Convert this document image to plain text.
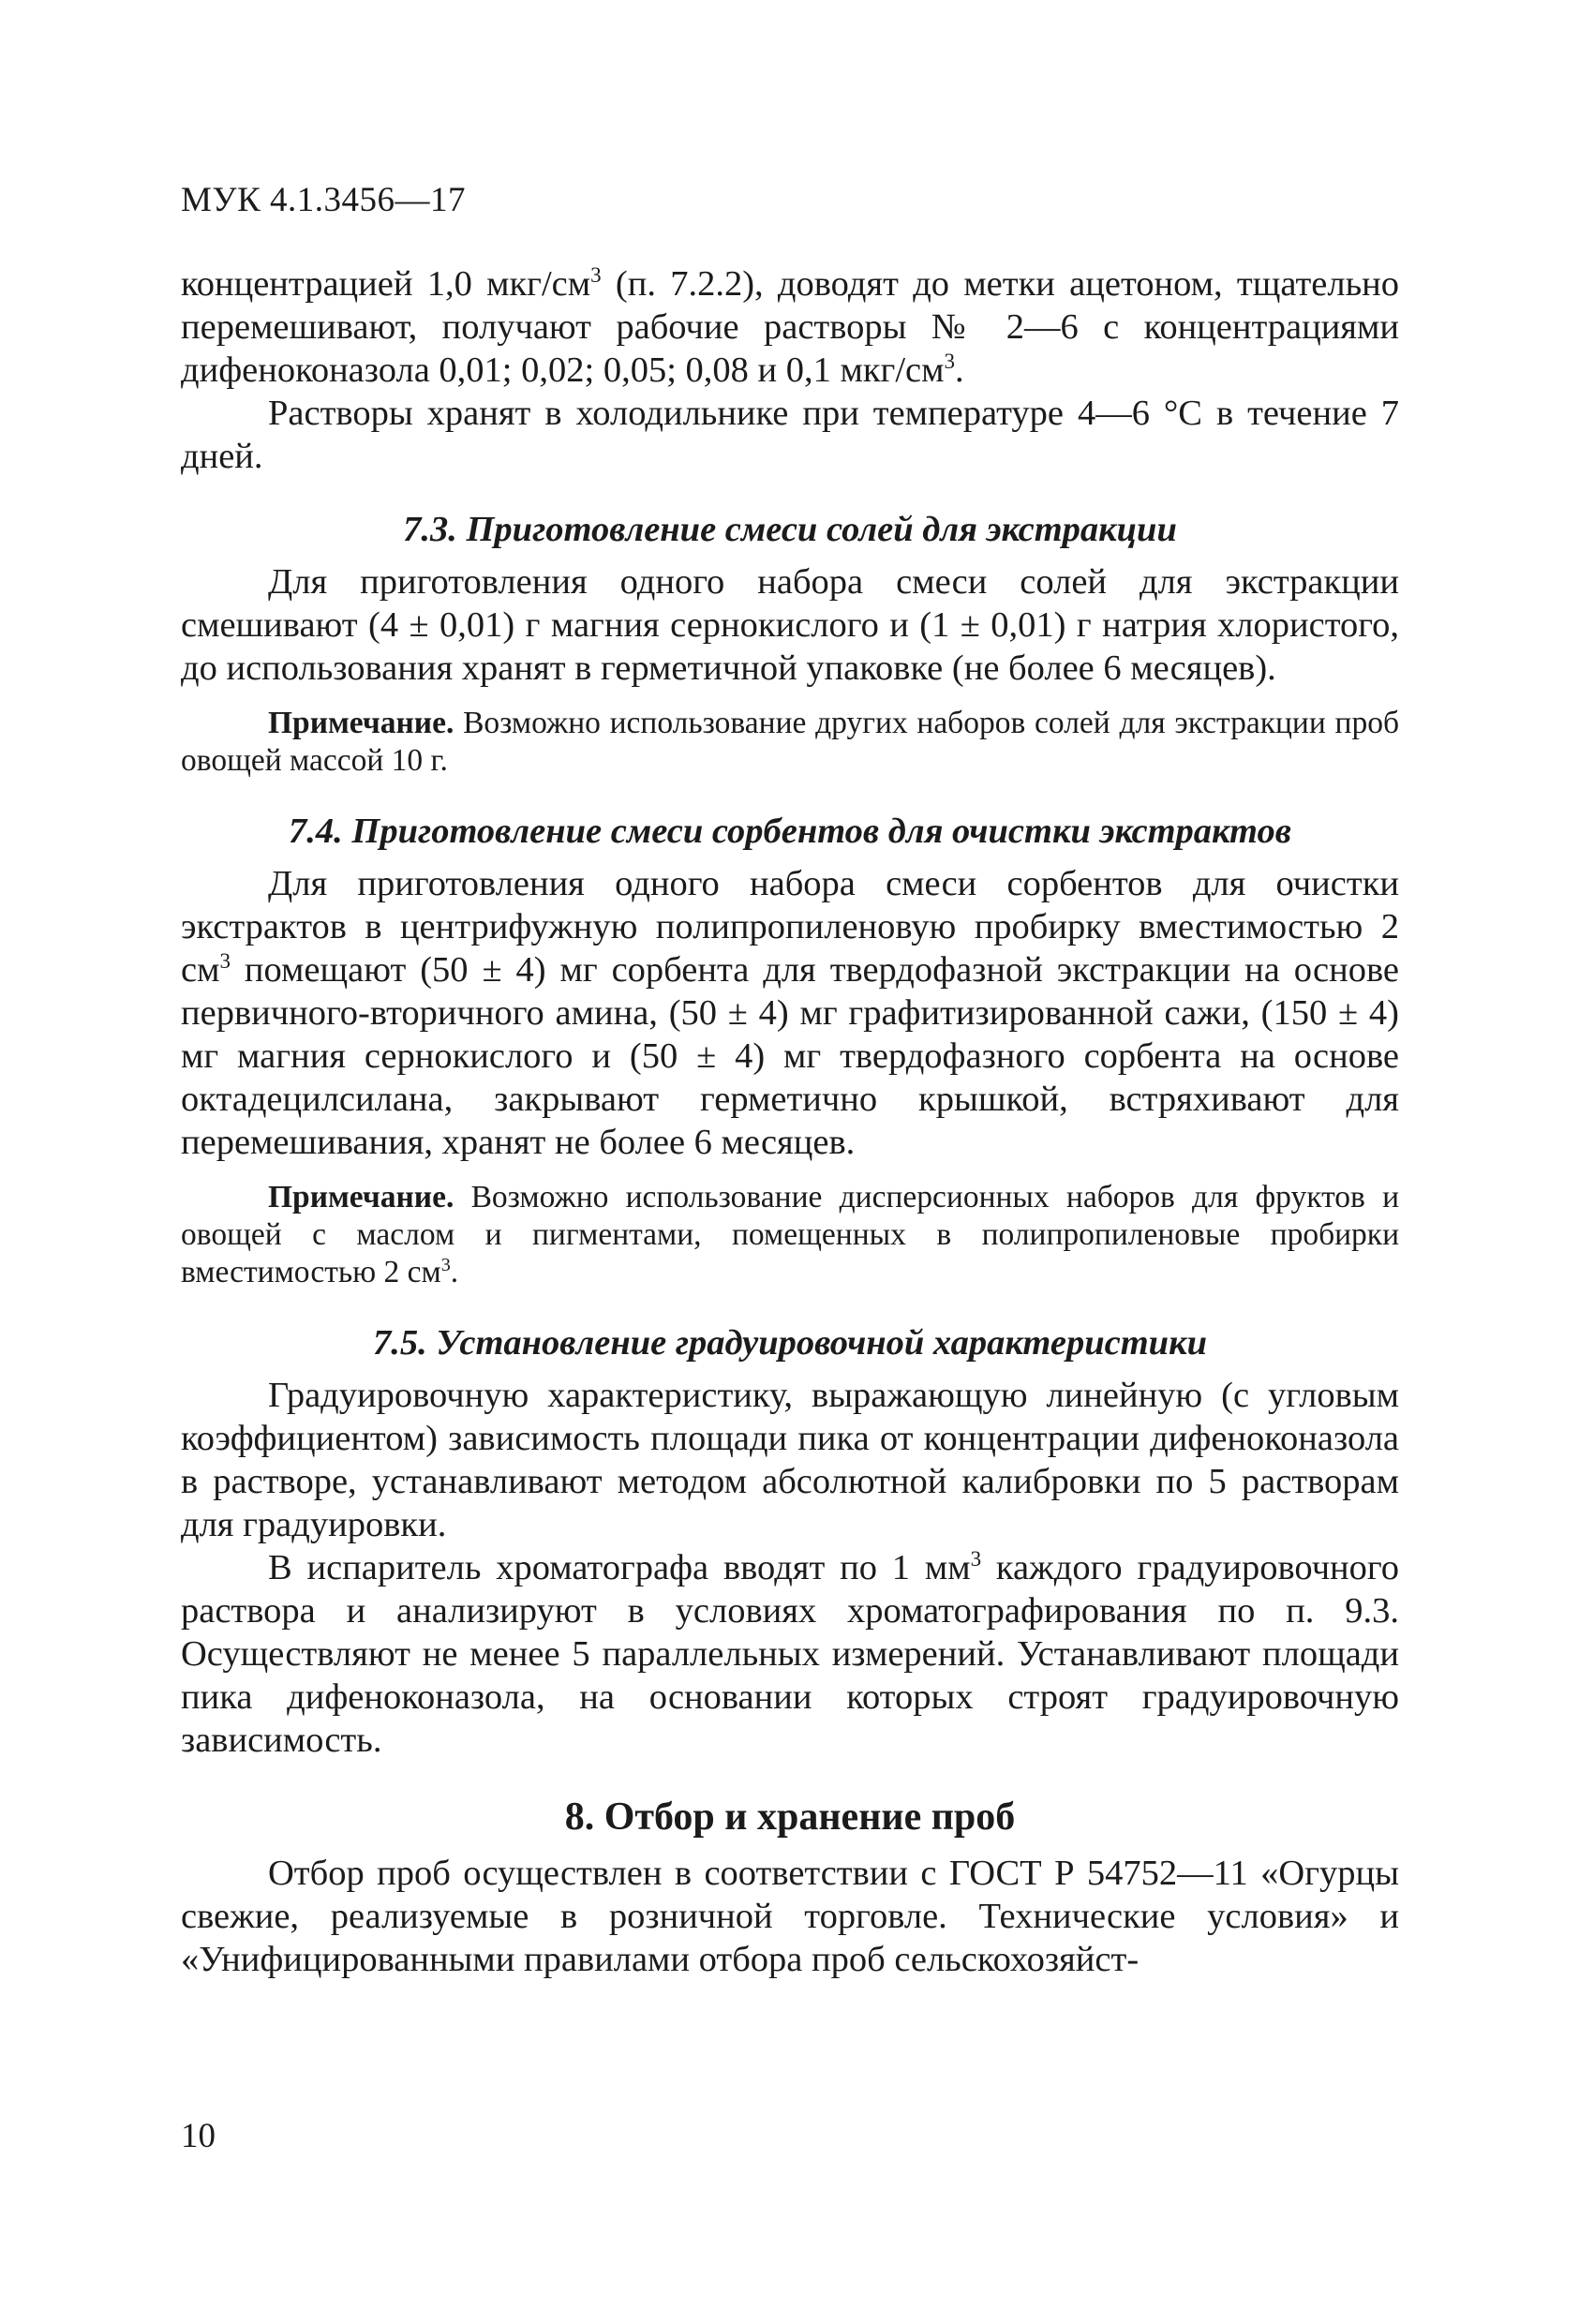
МУК 4.1.3456—17

концентрацией 1,0 мкг/$см^3$ (п. 7.2.2), доводят до метки ацетоном, тщательно перемешивают, получают рабочие растворы № 2—6 с концентрациями дифеноконазола 0,01; 0,02; 0,05; 0,08 и 0,1 мкг/$см^3$.

Растворы хранят в холодильнике при температуре 4—6 °С в течение 7 дней.

7.3. Приготовление смеси солей для экстракции

Для приготовления одного набора смеси солей для экстракции смешивают (4 ± 0,01) г магния сернокислого и (1 ± 0,01) г натрия хлористого, до использования хранят в герметичной упаковке (не более 6 месяцев).

Примечание. Возможно использование других наборов солей для экстракции проб овощей массой 10 г.
7.4. Приготовление смеси сорбентов для очистки экстрактов

Для приготовления одного набора смеси сорбентов для очистки экстрактов в центрифужную полипропиленовую пробирку вместимостью 2 $см^3$ помещают (50 ± 4) мг сорбента для твердофазной экстракции на основе первичного-вторичного амина, (50 ± 4) мг графитизированной сажи, (150 ± 4) мг магния сернокислого и (50 ± 4) мг твердофазного сорбента на основе октадецилсилана, закрывают герметично крышкой, встряхивают для перемешивания, хранят не более 6 месяцев.

Примечание. Возможно использование дисперсионных наборов для фруктов и овощей с маслом и пигментами, помещенных в полипропиленовые пробирки вместимостью 2 $см^3$.
7.5. Установление градуировочной характеристики

Градуировочную характеристику, выражающую линейную (с угловым коэффициентом) зависимость площади пика от концентрации дифеноконазола в растворе, устанавливают методом абсолютной калибровки по 5 растворам для градуировки.

В испаритель хроматографа вводят по 1 $мм^3$ каждого градуировочного раствора и анализируют в условиях хроматографирования по п. 9.3. Осуществляют не менее 5 параллельных измерений. Устанавливают площади пика дифеноконазола, на основании которых строят градуировочную зависимость.

8. Отбор и хранение проб

Отбор проб осуществлен в соответствии с ГОСТ Р 54752—11 «Огурцы свежие, реализуемые в розничной торговле. Технические условия» и «Унифицированными правилами отбора проб сельскохозяйст-

10
